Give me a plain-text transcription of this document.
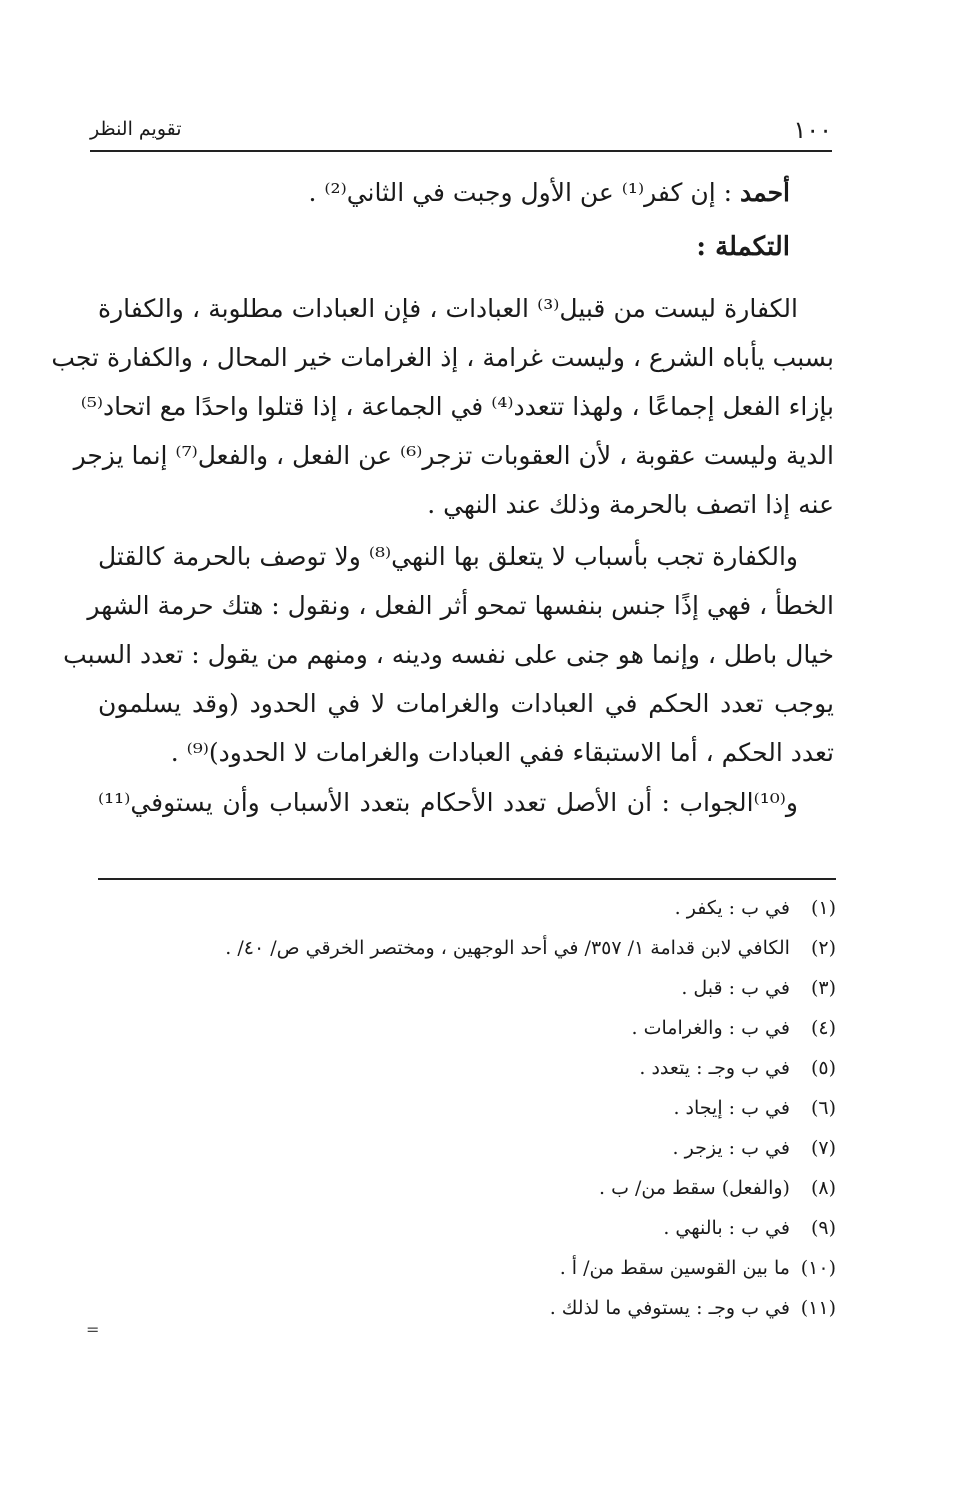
١٠٠
تقويم النظر

أحمد : إن كفر⁽¹⁾ عن الأول وجبت في الثاني⁽²⁾ .

التكملة :

الكفارة ليست من قبيل⁽³⁾ العبادات ، فإن العبادات مطلوبة ، والكفارة

بسبب يأباه الشرع ، وليست غرامة ، إذ الغرامات خير المحال ، والكفارة تجب

بإزاء الفعل إجماعًا ، ولهذا تتعدد⁽⁴⁾ في الجماعة ، إذا قتلوا واحدًا مع اتحاد⁽⁵⁾

الدية وليست عقوبة ، لأن العقوبات تزجر⁽⁶⁾ عن الفعل ، والفعل⁽⁷⁾ إنما يزجر

عنه إذا اتصف بالحرمة وذلك عند النهي .

والكفارة تجب بأسباب لا يتعلق بها النهي⁽⁸⁾ ولا توصف بالحرمة كالقتل

الخطأ ، فهي إذًا جنس بنفسها تمحو أثر الفعل ، ونقول : هتك حرمة الشهر

خيال باطل ، وإنما هو جنى على نفسه ودينه ، ومنهم من يقول : تعدد السبب

يوجب تعدد الحكم في العبادات والغرامات لا في الحدود (وقد يسلمون

تعدد الحكم ، أما الاستبقاء ففي العبادات والغرامات لا الحدود)⁽⁹⁾ .

و⁽¹⁰⁾الجواب : أن الأصل تعدد الأحكام بتعدد الأسباب وأن يستوفي⁽¹¹⁾

(١) في ب : يكفر .

(٢) الكافي لابن قدامة ١/ ٣٥٧/ في أحد الوجهين ، ومختصر الخرقي ص/ ٤٠/ .

(٣) في ب : قبل .

(٤) في ب : والغرامات .

(٥) في ب وجـ : يتعدد .

(٦) في ب : إيجاد .

(٧) في ب : يزجر .

(٨) (والفعل) سقط من/ ب .

(٩) في ب : بالنهي .

(١٠) ما بين القوسين سقط من/ أ .

(١١) في ب وجـ : يستوفي ما لذلك .

=
